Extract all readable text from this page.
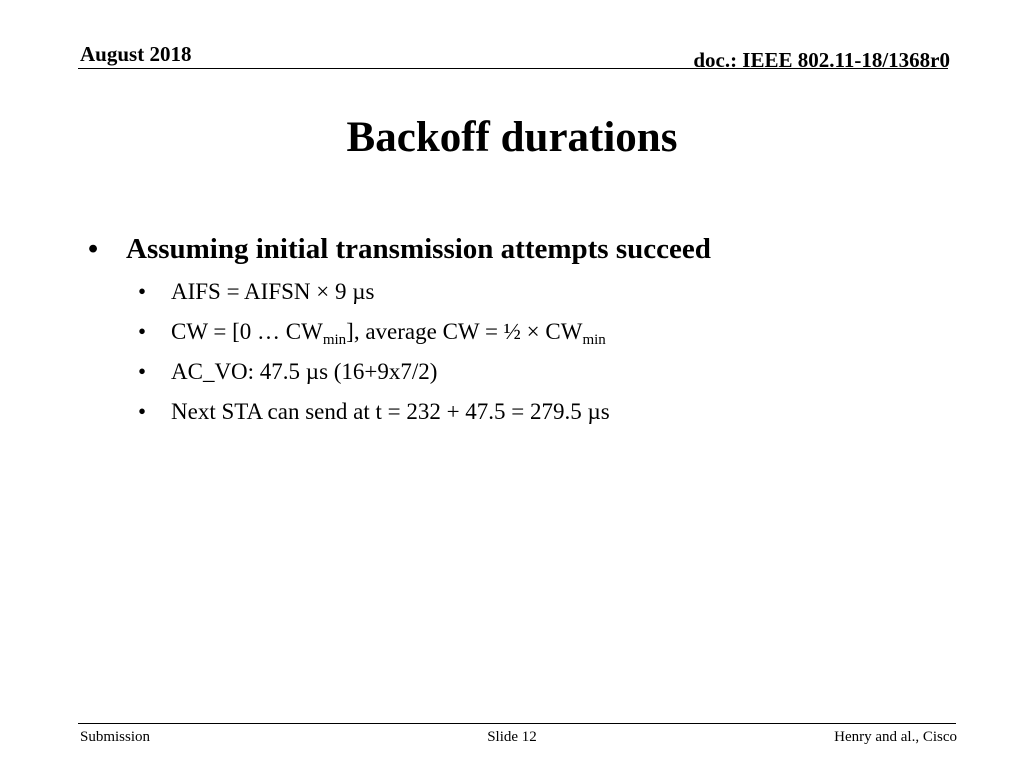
August 2018	doc.: IEEE 802.11-18/1368r0
Backoff durations
• Assuming initial transmission attempts succeed
• AIFS = AIFSN × 9 µs
• CW = [0 … $CW_{min}$], average CW = ½ × $CW_{min}$
• AC_VO: 47.5 µs (16+9x7/2)
• Next STA can send at t = 232 + 47.5 = 279.5 µs
Submission	Slide 12	Henry and al., Cisco
